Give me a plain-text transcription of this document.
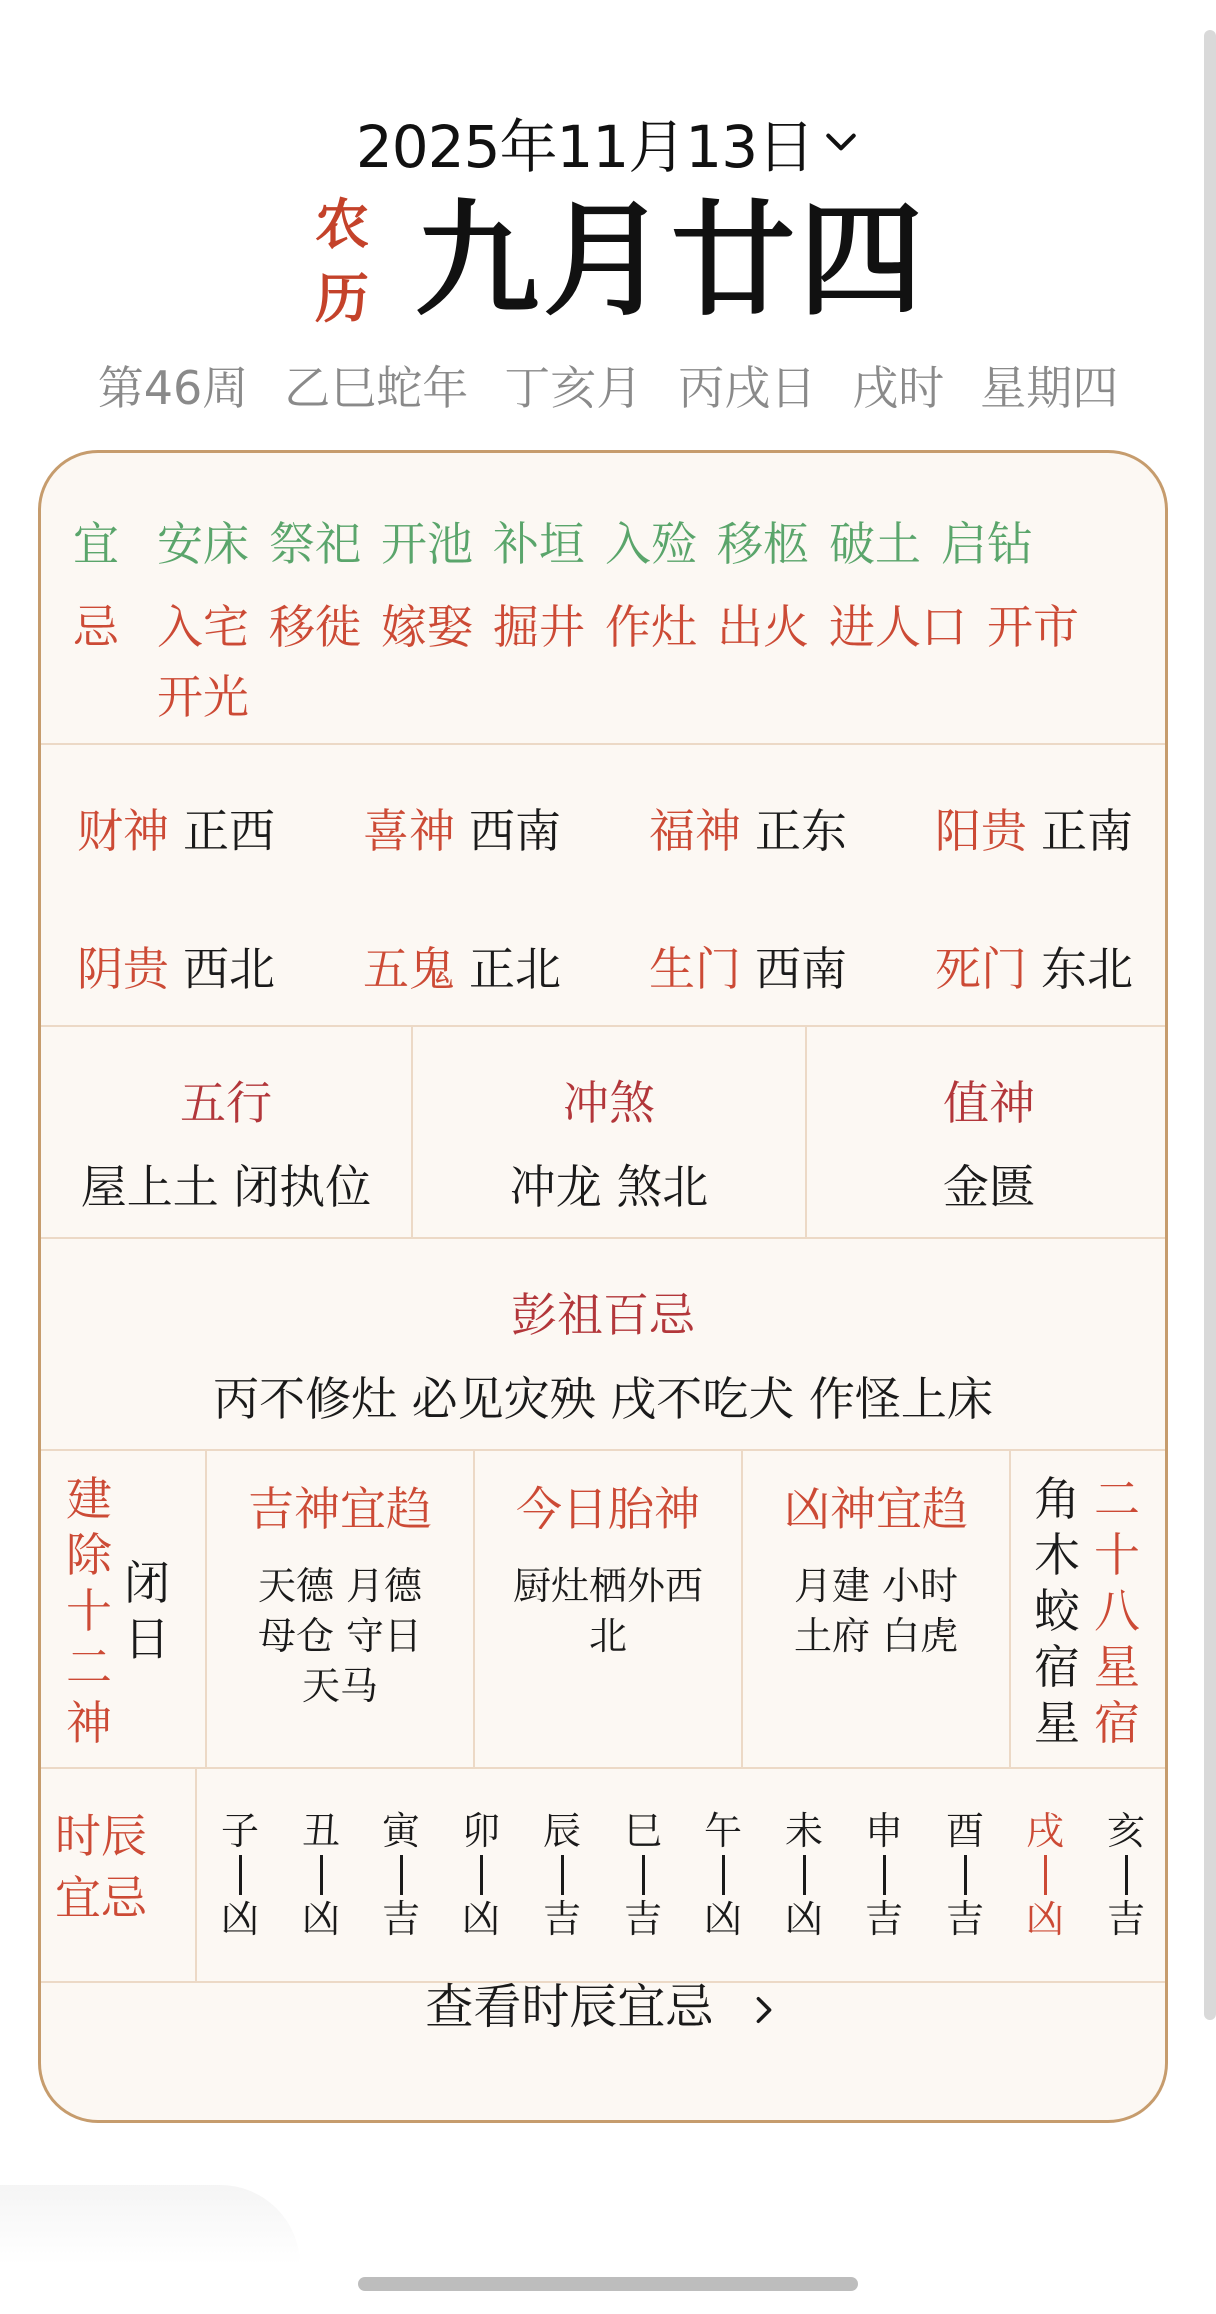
2025年11月13日
农
历 九月廿四
第46周 乙巳蛇年 丁亥月 丙戌日 戌时 星期四
宜 安床 祭祀 开池 补垣 入殓 移柩 破土 启钻
忌 入宅 移徙 嫁娶 掘井 作灶 出火 进人口 开市
开光
财神 正西 喜神 西南 福神 正东 阳贵 正南
阴贵 西北 五鬼 正北 生门 西南 死门 东北
五行
屋上土 闭执位
冲煞
冲龙 煞北
值神
金匮
彭祖百忌
丙不修灶 必见灾殃 戌不吃犬 作怪上床
建
除
十
二
神
闭
日
吉神宜趋
天德 月德
母仓 守日
天马
今日胎神
厨灶栖外西
北
凶神宜趋
月建 小时
土府 白虎
角
木
蛟
宿
星
二
十
八
星
宿
时辰
宜忌
子
凶
丑
凶
寅
吉
卯
凶
辰
吉
巳
吉
午
凶
未
凶
申
吉
酉
吉
戌
凶
亥
吉
查看时辰宜忌
